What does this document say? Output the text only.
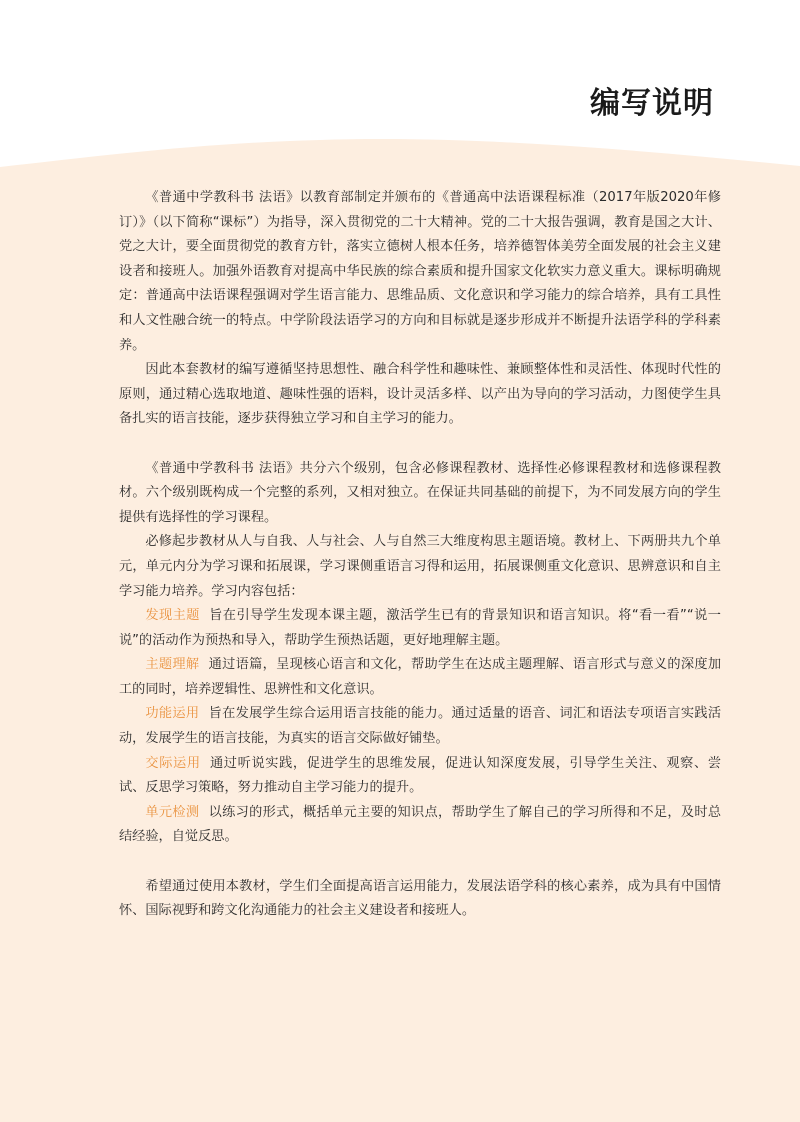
编写说明

《普通中学教科书 法语》以教育部制定并颁布的《普通高中法语课程标准（2017年版2020年修订）》（以下简称“课标”）为指导，深入贯彻党的二十大精神。党的二十大报告强调，教育是国之大计、党之大计，要全面贯彻党的教育方针，落实立德树人根本任务，培养德智体美劳全面发展的社会主义建设者和接班人。加强外语教育对提高中华民族的综合素质和提升国家文化软实力意义重大。课标明确规定：普通高中法语课程强调对学生语言能力、思维品质、文化意识和学习能力的综合培养，具有工具性和人文性融合统一的特点。中学阶段法语学习的方向和目标就是逐步形成并不断提升法语学科的学科素养。

因此本套教材的编写遵循坚持思想性、融合科学性和趣味性、兼顾整体性和灵活性、体现时代性的原则，通过精心选取地道、趣味性强的语料，设计灵活多样、以产出为导向的学习活动，力图使学生具备扎实的语言技能，逐步获得独立学习和自主学习的能力。

《普通中学教科书 法语》共分六个级别，包含必修课程教材、选择性必修课程教材和选修课程教材。六个级别既构成一个完整的系列，又相对独立。在保证共同基础的前提下，为不同发展方向的学生提供有选择性的学习课程。

必修起步教材从人与自我、人与社会、人与自然三大维度构思主题语境。教材上、下两册共九个单元，单元内分为学习课和拓展课，学习课侧重语言习得和运用，拓展课侧重文化意识、思辨意识和自主学习能力培养。学习内容包括：

发现主题 旨在引导学生发现本课主题，激活学生已有的背景知识和语言知识。将“看一看”“说一说”的活动作为预热和导入，帮助学生预热话题，更好地理解主题。

主题理解 通过语篇，呈现核心语言和文化，帮助学生在达成主题理解、语言形式与意义的深度加工的同时，培养逻辑性、思辨性和文化意识。

功能运用 旨在发展学生综合运用语言技能的能力。通过适量的语音、词汇和语法专项语言实践活动，发展学生的语言技能，为真实的语言交际做好铺垫。

交际运用 通过听说实践，促进学生的思维发展，促进认知深度发展，引导学生关注、观察、尝试、反思学习策略，努力推动自主学习能力的提升。

单元检测 以练习的形式，概括单元主要的知识点，帮助学生了解自己的学习所得和不足，及时总结经验，自觉反思。

希望通过使用本教材，学生们全面提高语言运用能力，发展法语学科的核心素养，成为具有中国情怀、国际视野和跨文化沟通能力的社会主义建设者和接班人。
